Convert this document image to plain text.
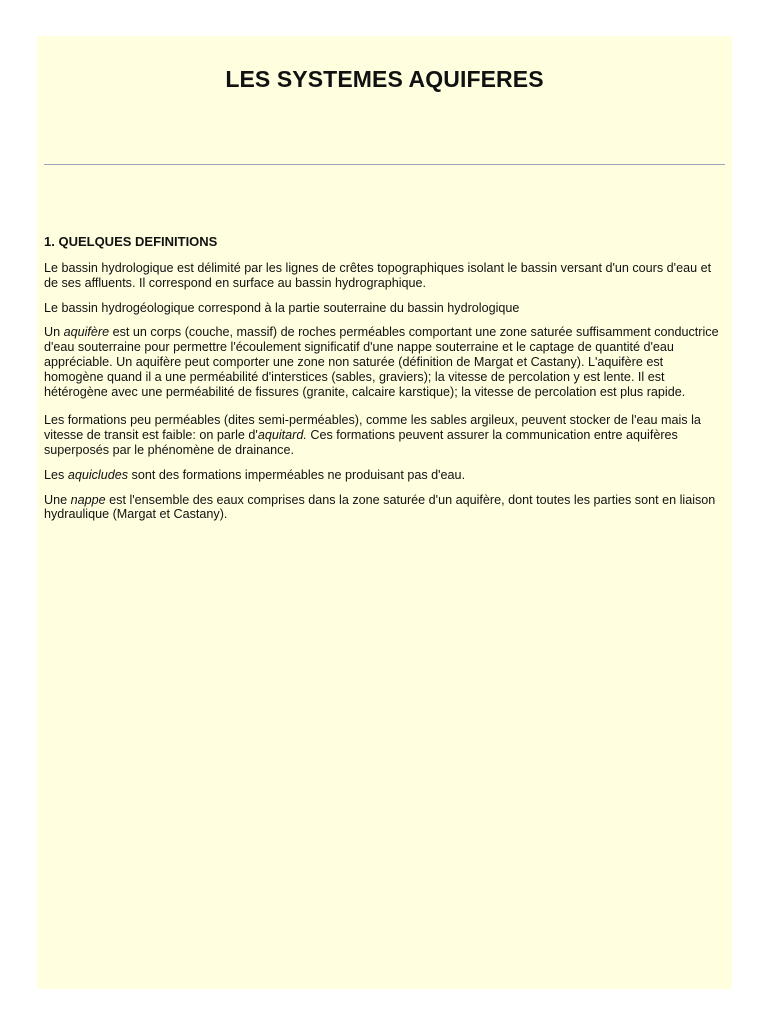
LES SYSTEMES AQUIFERES
1. QUELQUES DEFINITIONS

Le bassin hydrologique est délimité par les lignes de crêtes topographiques isolant le bassin versant d'un cours d'eau et de ses affluents. Il correspond en surface au bassin hydrographique.

Le bassin hydrogéologique correspond à la partie souterraine du bassin hydrologique

Un aquifère est un corps (couche, massif) de roches perméables comportant une zone saturée suffisamment conductrice d'eau souterraine pour permettre l'écoulement significatif d'une nappe souterraine et le captage de quantité d'eau appréciable. Un aquifère peut comporter une zone non saturée (définition de Margat et Castany). L'aquifère est homogène quand il a une perméabilité d'interstices (sables, graviers); la vitesse de percolation y est lente. Il est hétérogène avec une perméabilité de fissures (granite, calcaire karstique); la vitesse de percolation est plus rapide.

Les formations peu perméables (dites semi-perméables), comme les sables argileux, peuvent stocker de l'eau mais la vitesse de transit est faible: on parle d'aquitard. Ces formations peuvent assurer la communication entre aquifères superposés par le phénomène de drainance.

Les aquicludes sont des formations imperméables ne produisant pas d'eau.

Une nappe est l'ensemble des eaux comprises dans la zone saturée d'un aquifère, dont toutes les parties sont en liaison hydraulique (Margat et Castany).
